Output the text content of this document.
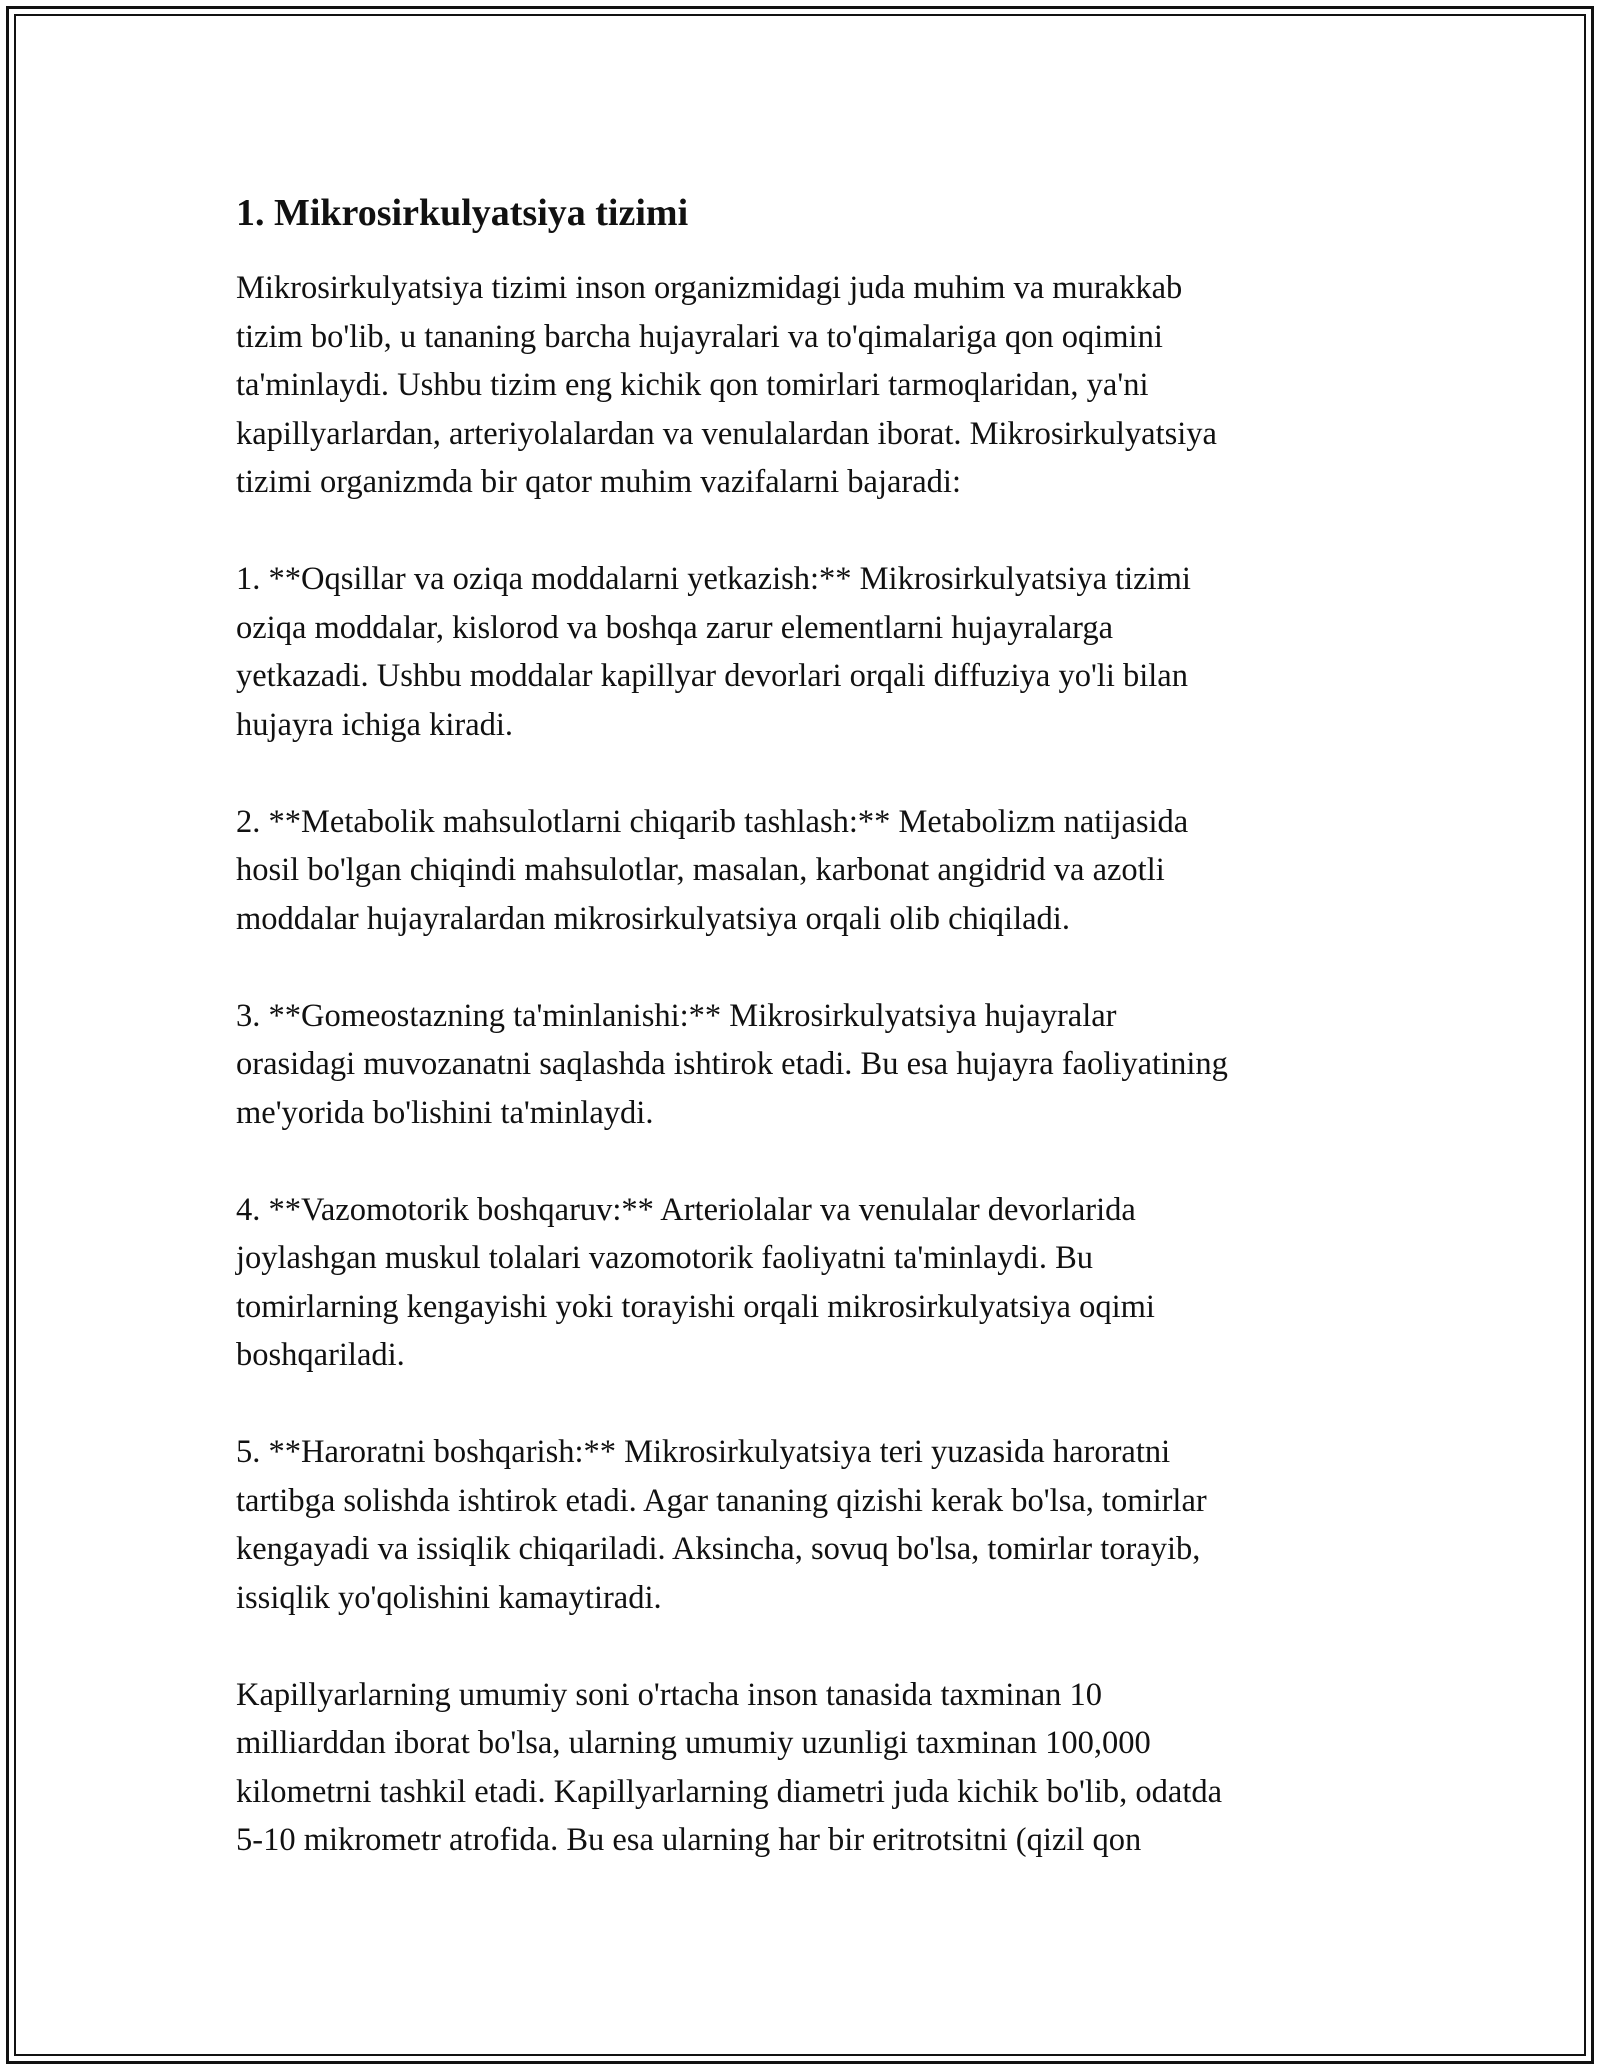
1. Mikrosirkulyatsiya tizimi
Mikrosirkulyatsiya tizimi inson organizmidagi juda muhim va murakkab
tizim bo'lib, u tananing barcha hujayralari va to'qimalariga qon oqimini
ta'minlaydi. Ushbu tizim eng kichik qon tomirlari tarmoqlaridan, ya'ni
kapillyarlardan, arteriyolalardan va venulalardan iborat. Mikrosirkulyatsiya
tizimi organizmda bir qator muhim vazifalarni bajaradi:
1. **Oqsillar va oziqa moddalarni yetkazish:** Mikrosirkulyatsiya tizimi
oziqa moddalar, kislorod va boshqa zarur elementlarni hujayralarga
yetkazadi. Ushbu moddalar kapillyar devorlari orqali diffuziya yo'li bilan
hujayra ichiga kiradi.
2. **Metabolik mahsulotlarni chiqarib tashlash:** Metabolizm natijasida
hosil bo'lgan chiqindi mahsulotlar, masalan, karbonat angidrid va azotli
moddalar hujayralardan mikrosirkulyatsiya orqali olib chiqiladi.
3. **Gomeostazning ta'minlanishi:** Mikrosirkulyatsiya hujayralar
orasidagi muvozanatni saqlashda ishtirok etadi. Bu esa hujayra faoliyatining
me'yorida bo'lishini ta'minlaydi.
4. **Vazomotorik boshqaruv:** Arteriolalar va venulalar devorlarida
joylashgan muskul tolalari vazomotorik faoliyatni ta'minlaydi. Bu
tomirlarning kengayishi yoki torayishi orqali mikrosirkulyatsiya oqimi
boshqariladi.
5. **Haroratni boshqarish:** Mikrosirkulyatsiya teri yuzasida haroratni
tartibga solishda ishtirok etadi. Agar tananing qizishi kerak bo'lsa, tomirlar
kengayadi va issiqlik chiqariladi. Aksincha, sovuq bo'lsa, tomirlar torayib,
issiqlik yo'qolishini kamaytiradi.
Kapillyarlarning umumiy soni o'rtacha inson tanasida taxminan 10
milliarddan iborat bo'lsa, ularning umumiy uzunligi taxminan 100,000
kilometrni tashkil etadi. Kapillyarlarning diametri juda kichik bo'lib, odatda
5-10 mikrometr atrofida. Bu esa ularning har bir eritrotsitni (qizil qon
